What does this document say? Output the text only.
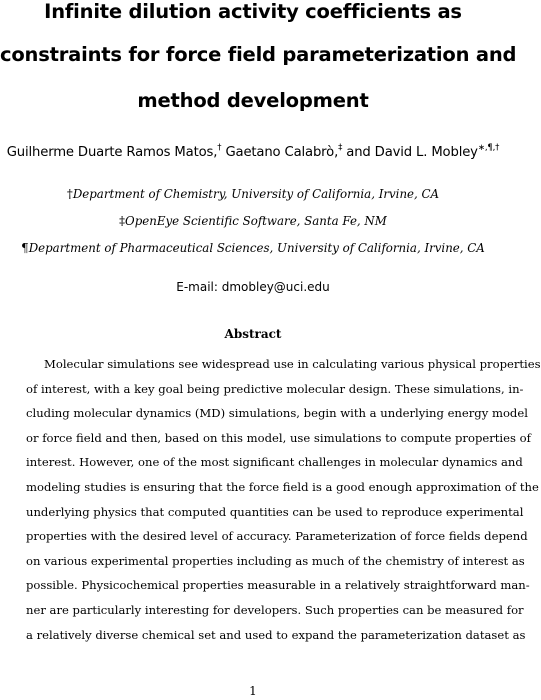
Infinite dilution activity coefficients as
constraints for force field parameterization and
method development
Guilherme Duarte Ramos Matos,† Gaetano Calabrò,‡ and David L. Mobley∗,¶,†
†Department of Chemistry, University of California, Irvine, CA
‡OpenEye Scientific Software, Santa Fe, NM
¶Department of Pharmaceutical Sciences, University of California, Irvine, CA
E-mail: dmobley@uci.edu
Abstract
Molecular simulations see widespread use in calculating various physical properties
of interest, with a key goal being predictive molecular design. These simulations, in-
cluding molecular dynamics (MD) simulations, begin with a underlying energy model
or force field and then, based on this model, use simulations to compute properties of
interest. However, one of the most significant challenges in molecular dynamics and
modeling studies is ensuring that the force field is a good enough approximation of the
underlying physics that computed quantities can be used to reproduce experimental
properties with the desired level of accuracy. Parameterization of force fields depend
on various experimental properties including as much of the chemistry of interest as
possible. Physicochemical properties measurable in a relatively straightforward man-
ner are particularly interesting for developers. Such properties can be measured for
a relatively diverse chemical set and used to expand the parameterization dataset as
1
